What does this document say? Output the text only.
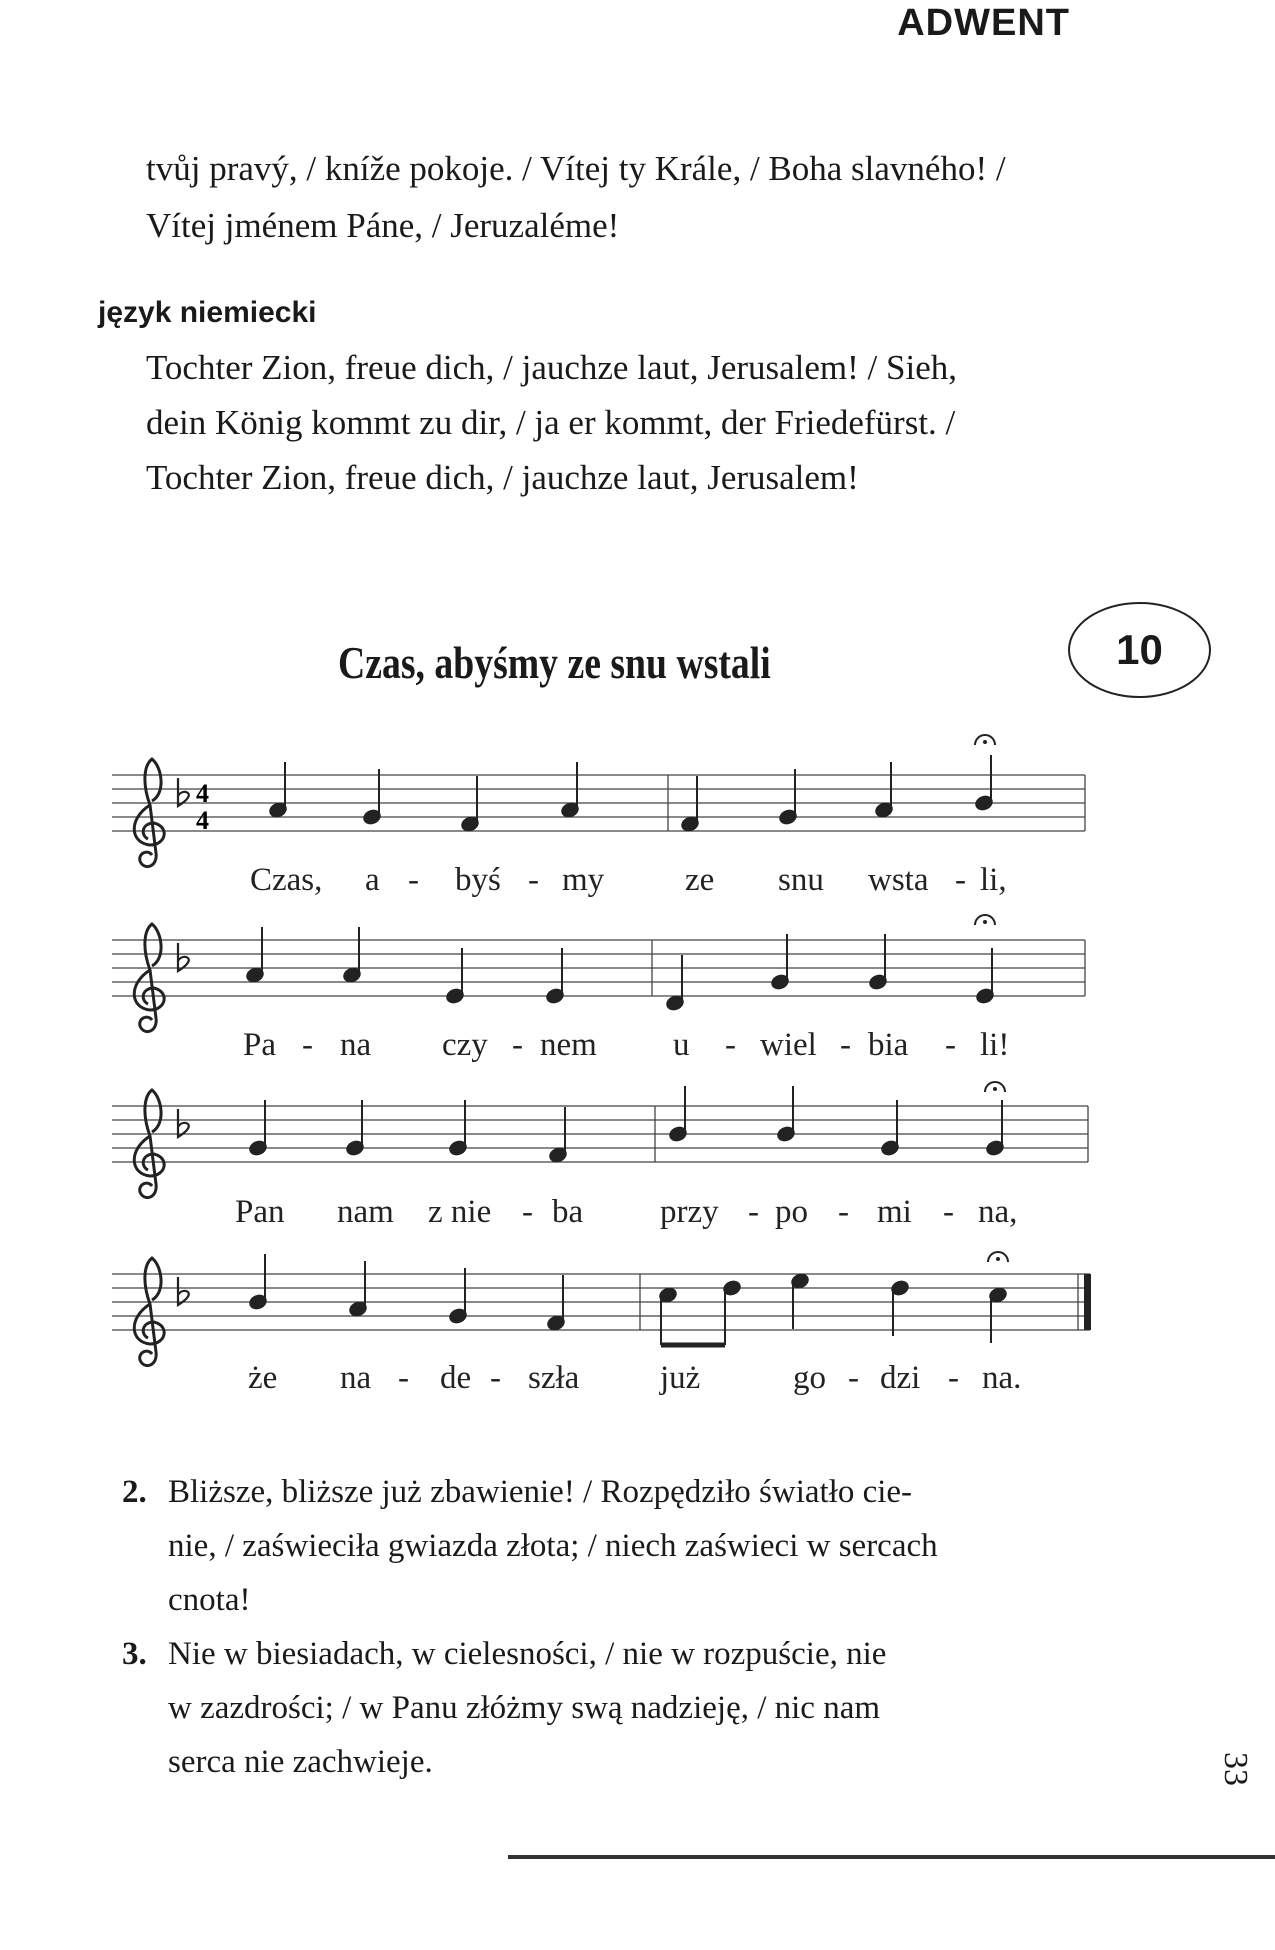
ADWENT
tvůj pravý, / kníže pokoje. / Vítej ty Krále, / Boha slavného! /
Vítej jménem Páne, / Jeruzaléme!
język niemiecki
Tochter Zion, freue dich, / jauchze laut, Jerusalem! / Sieh,
dein König kommt zu dir, / ja er kommt, der Friedefürst. /
Tochter Zion, freue dich, / jauchze laut, Jerusalem!
Czas, abyśmy ze snu wstali	10
4
4
Czas, a - byś - my ze snu wsta - li,
Pa - na czy - nem u - wiel - bia - li!
Pan nam z nie - ba przy - po - mi - na,
że na - de - szła już	go - dzi - na.
2. Bliższe, bliższe już zbawienie! / Rozpędziło światło cie-
nie, / zaświeciła gwiazda złota; / niech zaświeci w sercach
cnota!
3. Nie w biesiadach, w cielesności, / nie w rozpuście, nie
w zazdrości; / w Panu złóżmy swą nadzieję, / nic nam
serca nie zachwieje.	33
